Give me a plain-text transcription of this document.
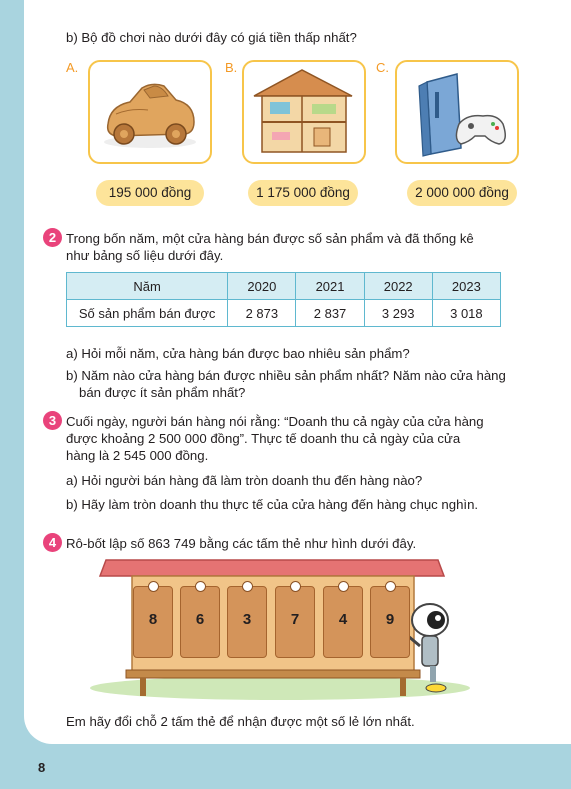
b) Bộ đồ chơi nào dưới đây có giá tiền thấp nhất?
A.
195 000 đồng
B.
1 175 000 đồng
C.
2 000 000 đồng
2 Trong bốn năm, một cửa hàng bán được số sản phẩm và đã thống kê
như bảng số liệu dưới đây.
Năm	2020	2021	2022	2023
Số sản phẩm bán được	2 873	2 837	3 293	3 018
a) Hỏi mỗi năm, cửa hàng bán được bao nhiêu sản phẩm?
b) Năm nào cửa hàng bán được nhiều sản phẩm nhất? Năm nào cửa hàng
bán được ít sản phẩm nhất?
3 Cuối ngày, người bán hàng nói rằng: “Doanh thu cả ngày của cửa hàng
được khoảng 2 500 000 đồng”. Thực tế doanh thu cả ngày của cửa
hàng là 2 545 000 đồng.
a) Hỏi người bán hàng đã làm tròn doanh thu đến hàng nào?
b) Hãy làm tròn doanh thu thực tế của cửa hàng đến hàng chục nghìn.
4 Rô-bốt lập số 863 749 bằng các tấm thẻ như hình dưới đây.
8	6	3	7	4	9
Em hãy đổi chỗ 2 tấm thẻ để nhận được một số lẻ lớn nhất.
8
